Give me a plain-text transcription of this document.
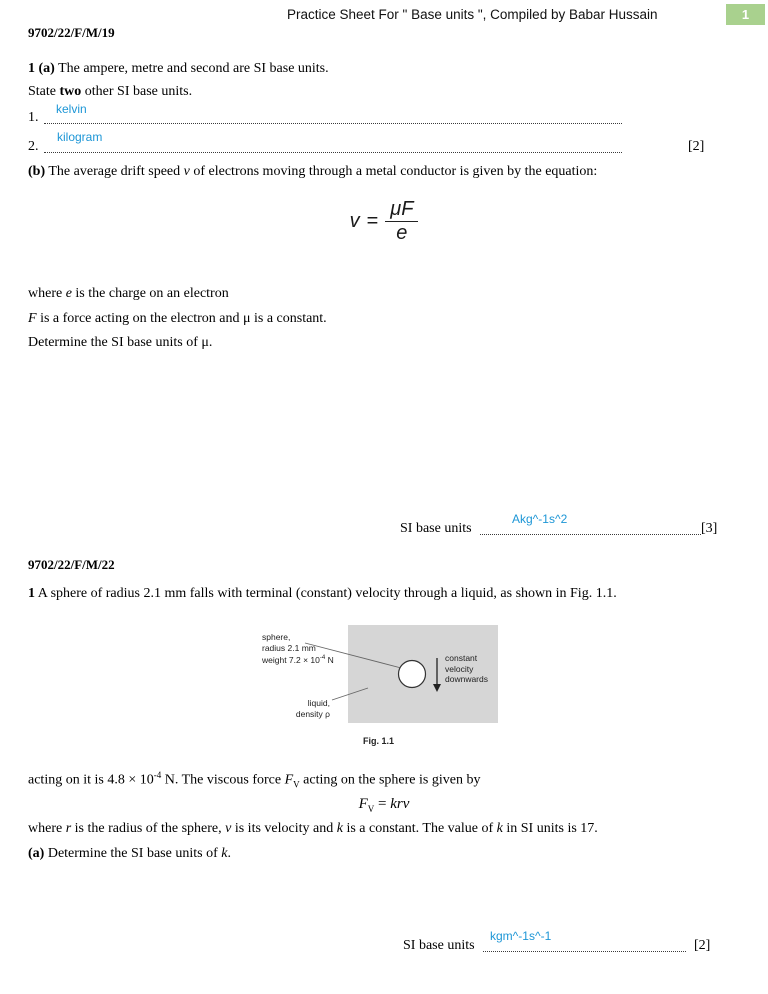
Practice Sheet For " Base units ", Compiled by Babar Hussain	1
9702/22/F/M/19
1 (a) The ampere, metre and second are SI base units.
State two other SI base units.
kelvin
1.
kilogram
2.	[2]
(b) The average drift speed v of electrons moving through a metal conductor is given by the equation:
$v = \frac{\mu F}{e}$
where e is the charge on an electron
F is a force acting on the electron and μ is a constant.
Determine the SI base units of μ.
Akg^-1s^2
SI base units	[3]
9702/22/F/M/22
1 A sphere of radius 2.1 mm falls with terminal (constant) velocity through a liquid, as shown in Fig. 1.1.
sphere,
radius 2.1 mm
weight $7.2 \times 10^{-4}$ N	constant
velocity
downwards
liquid,
density ρ
Fig. 1.1
acting on it is $4.8 \times 10^{-4}$ N. The viscous force $F_V$ acting on the sphere is given by
$F_V$ = krv
where r is the radius of the sphere, v is its velocity and k is a constant. The value of k in SI units is 17.
(a) Determine the SI base units of k.
kgm^-1s^-1
SI base units	[2]
